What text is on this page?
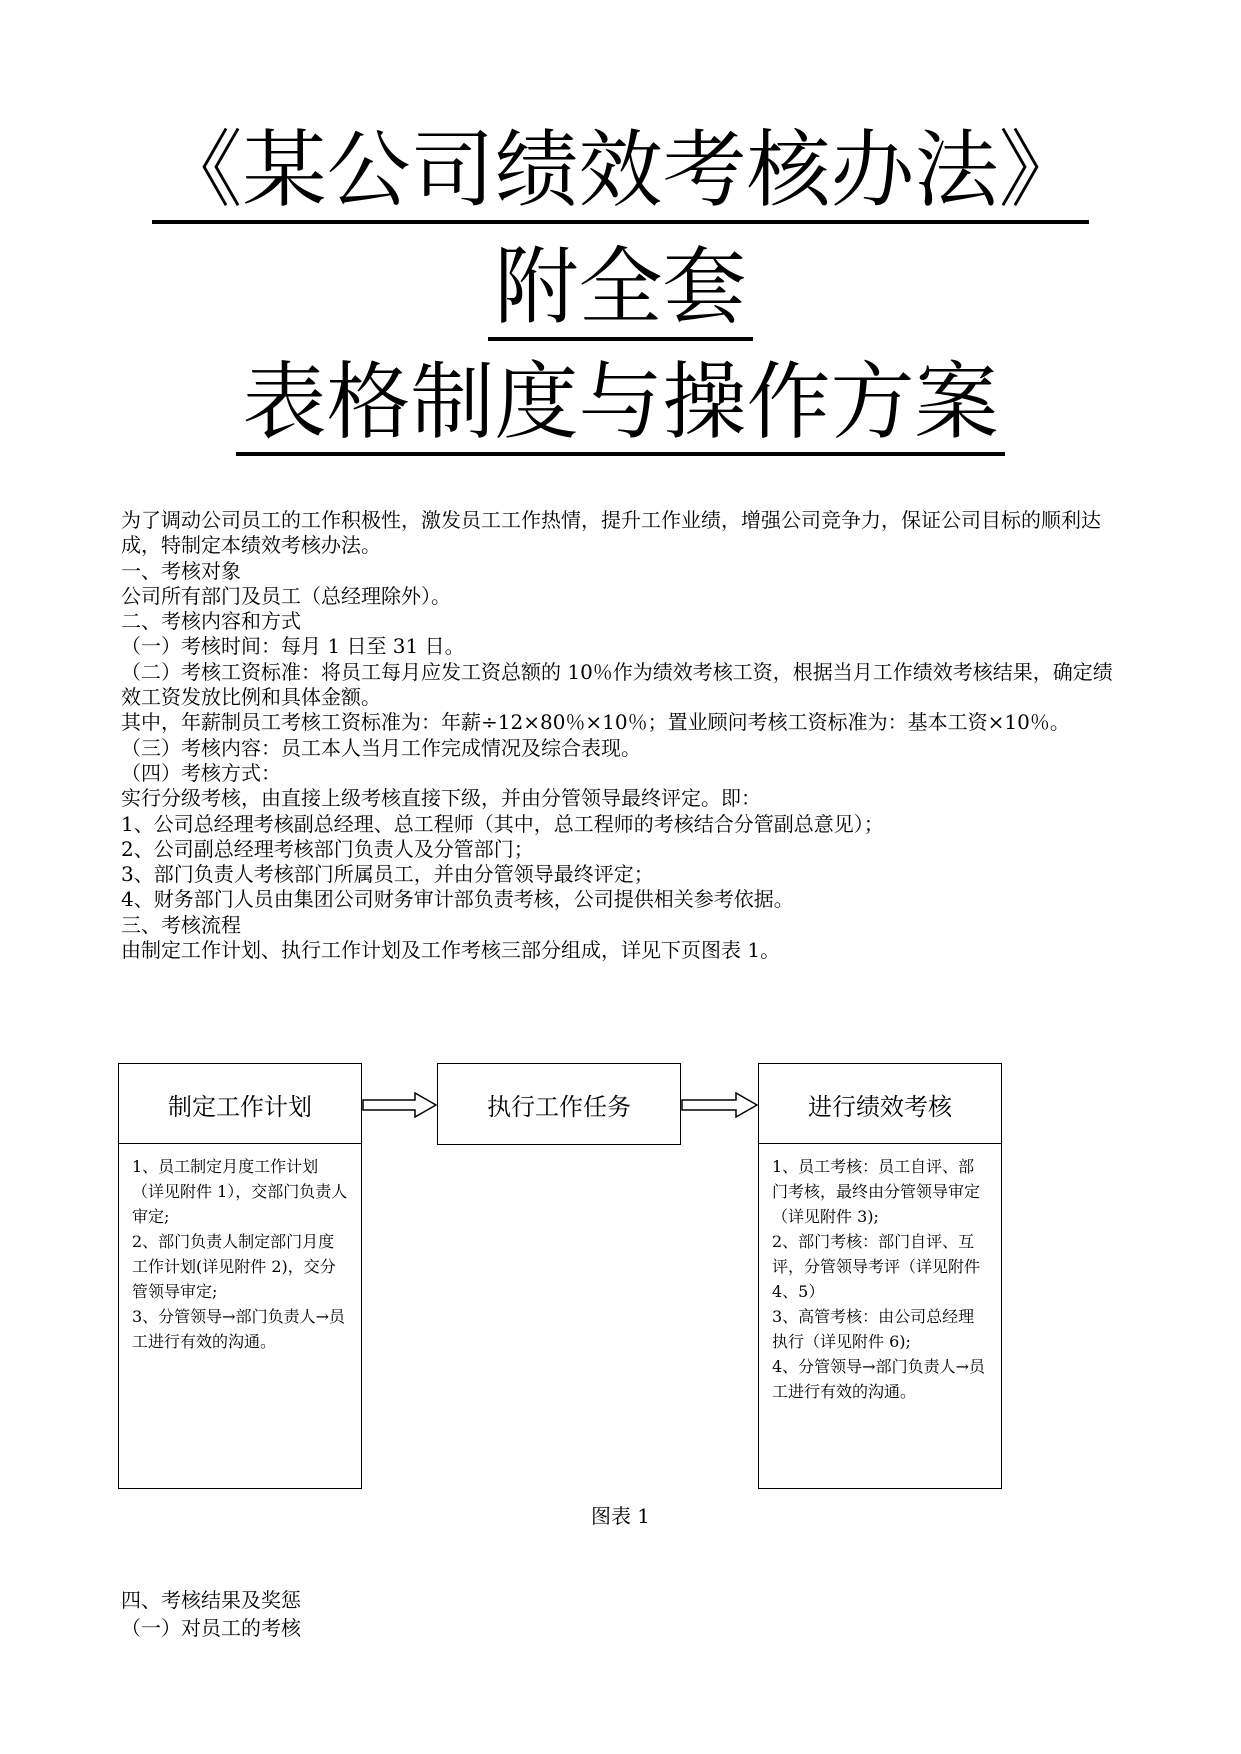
《某公司绩效考核办法》
附全套
表格制度与操作方案

为了调动公司员工的工作积极性，激发员工工作热情，提升工作业绩，增强公司竞争力，保证公司目标的顺利达成，特制定本绩效考核办法。

一、考核对象

公司所有部门及员工（总经理除外）。

二、考核内容和方式

（一）考核时间：每月 1 日至 31 日。

（二）考核工资标准：将员工每月应发工资总额的 10％作为绩效考核工资，根据当月工作绩效考核结果，确定绩效工资发放比例和具体金额。

其中，年薪制员工考核工资标准为：年薪÷12×80％×10％；置业顾问考核工资标准为：基本工资×10％。

（三）考核内容：员工本人当月工作完成情况及综合表现。

（四）考核方式：

实行分级考核，由直接上级考核直接下级，并由分管领导最终评定。即：

1、公司总经理考核副总经理、总工程师（其中，总工程师的考核结合分管副总意见）；

2、公司副总经理考核部门负责人及分管部门；

3、部门负责人考核部门所属员工，并由分管领导最终评定；

4、财务部门人员由集团公司财务审计部负责考核，公司提供相关参考依据。

三、考核流程

由制定工作计划、执行工作计划及工作考核三部分组成，详见下页图表 1。

制定工作计划	执行工作任务	进行绩效考核

1、员工制定月度工作计划（详见附件 1），交部门负责人审定;

2、部门负责人制定部门月度工作计划(详见附件 2)，交分管领导审定;

3、分管领导→部门负责人→员工进行有效的沟通。

1、员工考核：员工自评、部门考核，最终由分管领导审定（详见附件 3);

2、部门考核：部门自评、互评，分管领导考评（详见附件 4、5）

3、高管考核：由公司总经理执行（详见附件 6);

4、分管领导→部门负责人→员工进行有效的沟通。

图表 1

四、考核结果及奖惩

（一）对员工的考核
